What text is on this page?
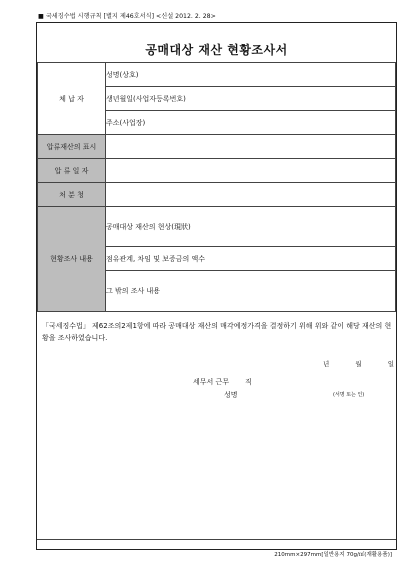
■ 국세징수법 시행규칙 [별지 제46호서식] <신설 2012. 2. 28>
공매대상 재산 현황조사서
체 납 자	성명(상호)
	생년월일(사업자등록번호)
	주소(사업장)
압류재산의 표시	
압 류 일 자	
처 분 청	
현황조사 내용	공매대상 재산의 현상(現狀)
	점유관계, 차임 및 보증금의 액수
	그 밖의 조사 내용
「국세징수법」 제62조의2제1항에 따라 공매대상 재산의 매각예정가격을 결정하기 위해 위와 같이 해당 재산의 현황을 조사하였습니다.
년	월	일
세무서 근무 직
성명	(서명 또는 인)
210mm×297mm[일반용지 70g/㎡(재활용품)]
